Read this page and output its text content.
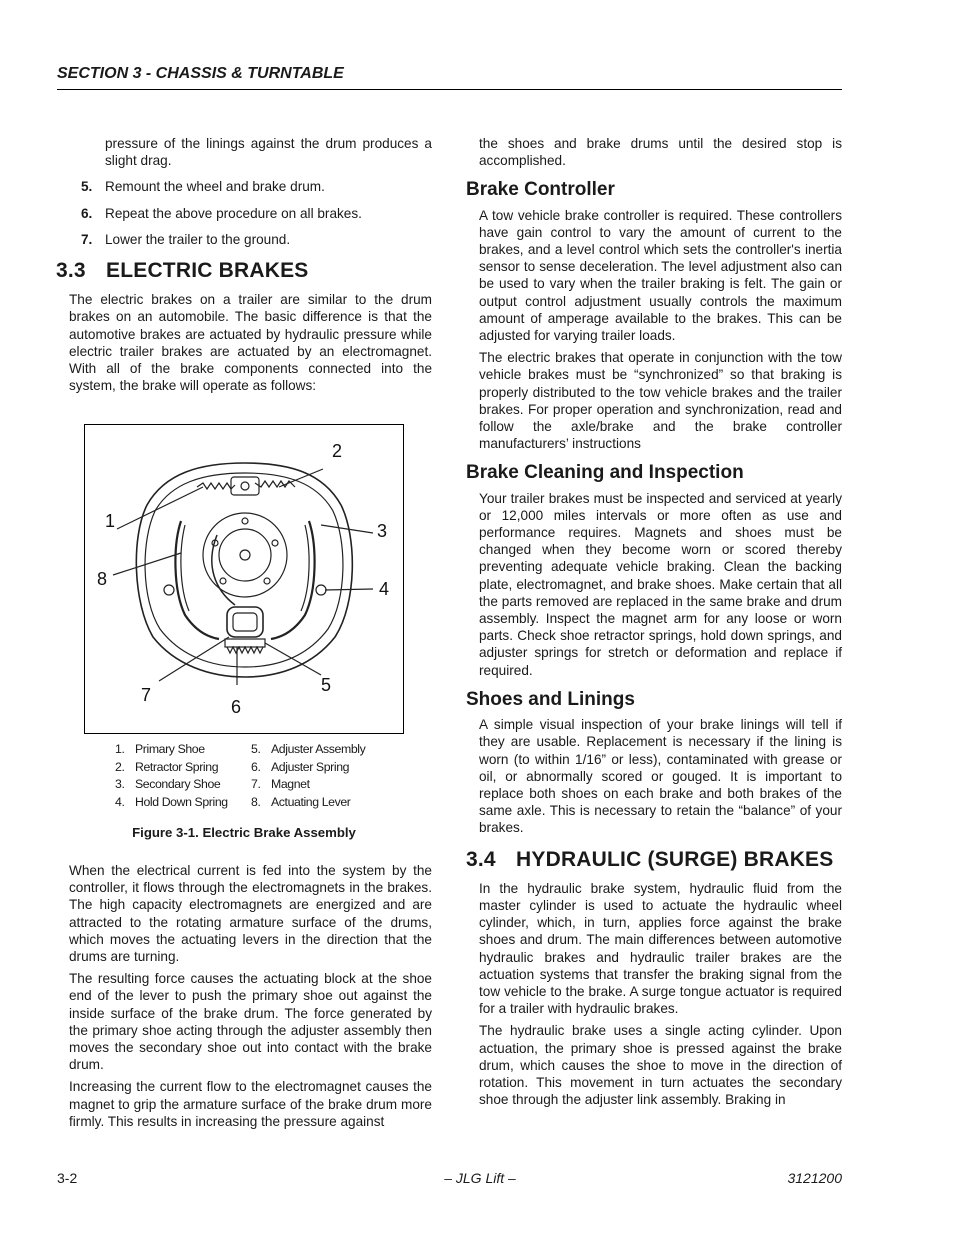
SECTION 3 - CHASSIS & TURNTABLE

pressure of the linings against the drum produces a slight drag.

5. Remount the wheel and brake drum.
6. Repeat the above procedure on all brakes.
7. Lower the trailer to the ground.
3.3 ELECTRIC BRAKES

The electric brakes on a trailer are similar to the drum brakes on an automobile. The basic difference is that the automotive brakes are actuated by hydraulic pressure while electric trailer brakes are actuated by an electromagnet. With all of the brake components connected into the system, the brake will operate as follows:

1
2
3
4
5
6
7
8
1. Primary Shoe
2. Retractor Spring
3. Secondary Shoe
4. Hold Down Spring
5. Adjuster Assembly
6. Adjuster Spring
7. Magnet
8. Actuating Lever
Figure 3-1. Electric Brake Assembly

When the electrical current is fed into the system by the controller, it flows through the electromagnets in the brakes. The high capacity electromagnets are energized and are attracted to the rotating armature surface of the drums, which moves the actuating levers in the direction that the drums are turning.

The resulting force causes the actuating block at the shoe end of the lever to push the primary shoe out against the inside surface of the brake drum. The force generated by the primary shoe acting through the adjuster assembly then moves the secondary shoe out into contact with the brake drum.

Increasing the current flow to the electromagnet causes the magnet to grip the armature surface of the brake drum more firmly. This results in increasing the pressure against

the shoes and brake drums until the desired stop is accomplished.

Brake Controller

A tow vehicle brake controller is required. These controllers have gain control to vary the amount of current to the brakes, and a level control which sets the controller's inertia sensor to sense deceleration. The level adjustment also can be used to vary when the trailer braking is felt. The gain or output control adjustment usually controls the maximum amount of amperage available to the brakes. This can be adjusted for varying trailer loads.

The electric brakes that operate in conjunction with the tow vehicle brakes must be “synchronized” so that braking is properly distributed to the tow vehicle brakes and the trailer brakes. For proper operation and synchronization, read and follow the axle/brake and the brake controller manufacturers’ instructions

Brake Cleaning and Inspection

Your trailer brakes must be inspected and serviced at yearly or 12,000 miles intervals or more often as use and performance requires. Magnets and shoes must be changed when they become worn or scored thereby preventing adequate vehicle braking. Clean the backing plate, electromagnet, and brake shoes. Make certain that all the parts removed are replaced in the same brake and drum assembly. Inspect the magnet arm for any loose or worn parts. Check shoe retractor springs, hold down springs, and adjuster springs for stretch or deformation and replace if required.

Shoes and Linings

A simple visual inspection of your brake linings will tell if they are usable. Replacement is necessary if the lining is worn (to within 1/16” or less), contaminated with grease or oil, or abnormally scored or gouged. It is important to replace both shoes on each brake and both brakes of the same axle. This is necessary to retain the “balance” of your brakes.

3.4 HYDRAULIC (SURGE) BRAKES

In the hydraulic brake system, hydraulic fluid from the master cylinder is used to actuate the hydraulic wheel cylinder, which, in turn, applies force against the brake shoes and drum. The main differences between automotive hydraulic brakes and hydraulic trailer brakes are the actuation systems that transfer the braking signal from the tow vehicle to the brake. A surge tongue actuator is required for a trailer with hydraulic brakes.

The hydraulic brake uses a single acting cylinder. Upon actuation, the primary shoe is pressed against the brake drum, which causes the shoe to move in the direction of rotation. This movement in turn actuates the secondary shoe through the adjuster link assembly. Braking in

3-2	– JLG Lift –	3121200
